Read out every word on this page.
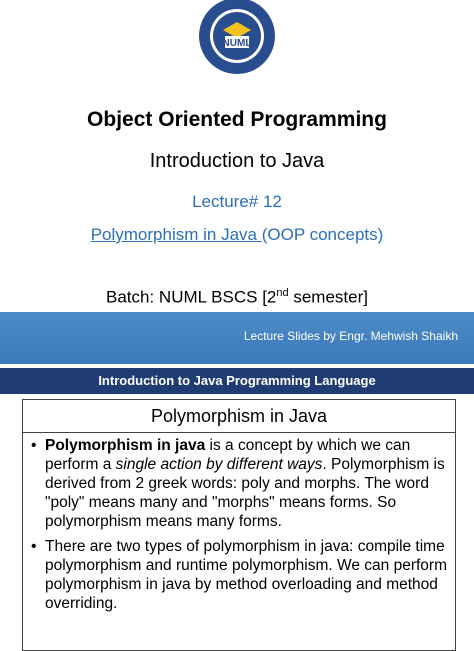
NUML
Object Oriented Programming
Introduction to Java
Lecture# 12
Polymorphism in Java (OOP concepts)
Batch: NUML BSCS [2nd semester]
Lecture Slides by Engr. Mehwish Shaikh
Introduction to Java Programming Language
Polymorphism in Java
• Polymorphism in java is a concept by which we can perform a single action by different ways. Polymorphism is derived from 2 greek words: poly and morphs. The word "poly" means many and "morphs" means forms. So polymorphism means many forms.
• There are two types of polymorphism in java: compile time polymorphism and runtime polymorphism. We can perform polymorphism in java by method overloading and method overriding.
